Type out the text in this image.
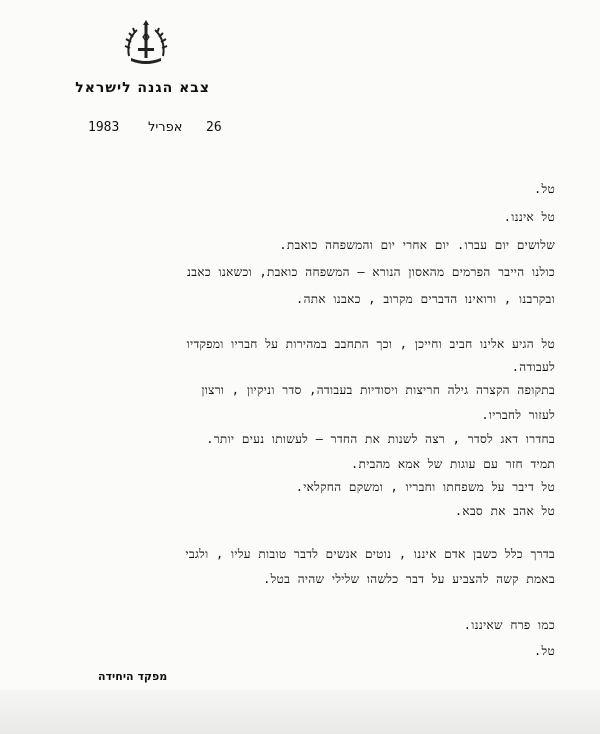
צבא הגנה לישראל
1983 אפריל 26
טל.
טל איננו.
שלושים יום עברו. יום אחרי יום והמשפחה כואבת.
כולנו הייבר הפרמים מהאסון הנורא – המשפחה כואבת, וכשאנו כאבנ
ובקרבנו , ורואינו הדברים מקרוב , כאבנו אתה.
טל הגיע אלינו חביב וחייכן , וכך התחבב במהירות על חבריו ומפקדיו
לעבודה.
בתקופה הקצרה גילה חריצות ויסודיות בעבודה, סדר וניקיון , ורצון
לעזור לחבריו.
בחדרו דאג לסדר , רצה לשנות את החדר – לעשותו נעים יותר.
תמיד חזר עם עוגות של אמא מהבית.
טל דיבר על משפחתו וחבריו , ומשקם החקלאי.
טל אהב את סבא.
בדרך כלל כשבן אדם איננו , נוטים אנשים לדבר טובות עליו , ולגבי
באמת קשה להצביע על דבר כלשהו שלילי שהיה בטל.
כמו פרח שאיננו.
טל.
מפקד היחידה
